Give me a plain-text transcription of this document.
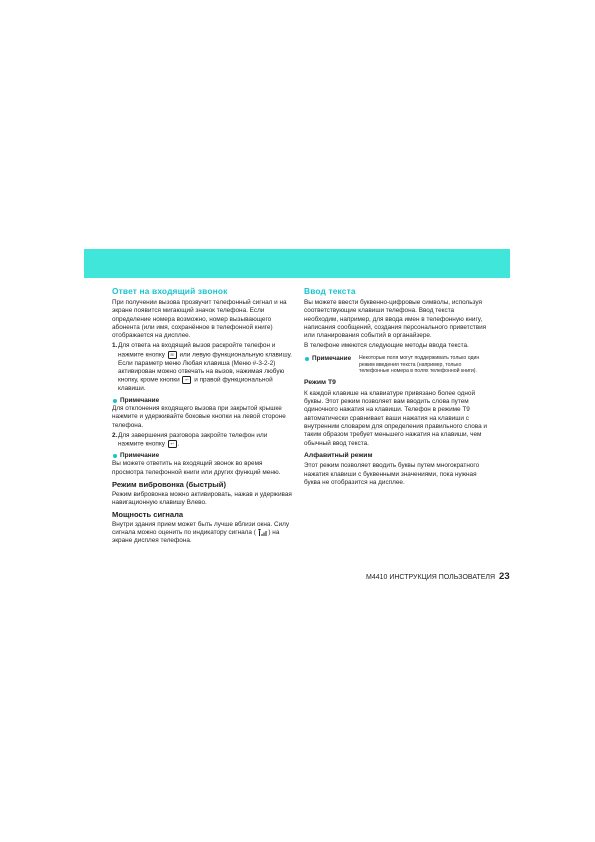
Ответ на входящий звонок

При получении вызова прозвучит телефонный сигнал и на экране появится мигающий значок телефона. Если определение номера возможно, номер вызывающего абонента (или имя, сохранённое в телефонной книге) отображается на дисплее.

1. Для ответа на входящий вызов раскройте телефон и нажмите кнопку ☏ или левую функциональную клавишу. Если параметр меню Любая клавиша (Меню #-3-2-2) активирован можно отвечать на вызов, нажимая любую кнопку, кроме кнопки ↩ и правой функциональной клавиши.
Примечание

Для отклонения входящего вызова при закрытой крышке нажмите и удерживайте боковые кнопки на левой стороне телефона.

2. Для завершения разговора закройте телефон или нажмите кнопку ↩ .
Примечание

Вы можете ответить на входящий звонок во время просмотра телефонной книги или других функций меню.

Режим вибровонка (быстрый)

Режим вибровонка можно активировать, нажав и удерживая навигационную клавишу Влево.

Мощность сигнала

Внутри здания прием может быть лучше вблизи окна. Силу сигнала можно оценить по индикатору сигнала ( ) на экране дисплея телефона.

Ввод текста

Вы можете ввести буквенно-цифровые символы, используя соответствующие клавиши телефона. Ввод текста необходим, например, для ввода имен в телефонную книгу, написания сообщений, создания персонального приветствия или планирования событий в органайзере.

В телефоне имеются следующие методы ввода текста.

Примечание Некоторые поля могут поддерживать только один режим введения текста (например, только телефонные номера в полях телефонной книги).
Режим T9

К каждой клавише на клавиатуре привязано более одной буквы. Этот режим позволяет вам вводить слова путем одиночного нажатия на клавиши. Телефон в режиме T9 автоматически сравнивает ваши нажатия на клавиши с внутренним словарем для определения правильного слова и таким образом требует меньшего нажатия на клавиши, чем обычный ввод текста.

Алфавитный режим

Этот режим позволяет вводить буквы путем многократного нажатия клавиши с буквенными значениями, пока нужная буква не отобразится на дисплее.

M4410 ИНСТРУКЦИЯ ПОЛЬЗОВАТЕЛЯ 23
